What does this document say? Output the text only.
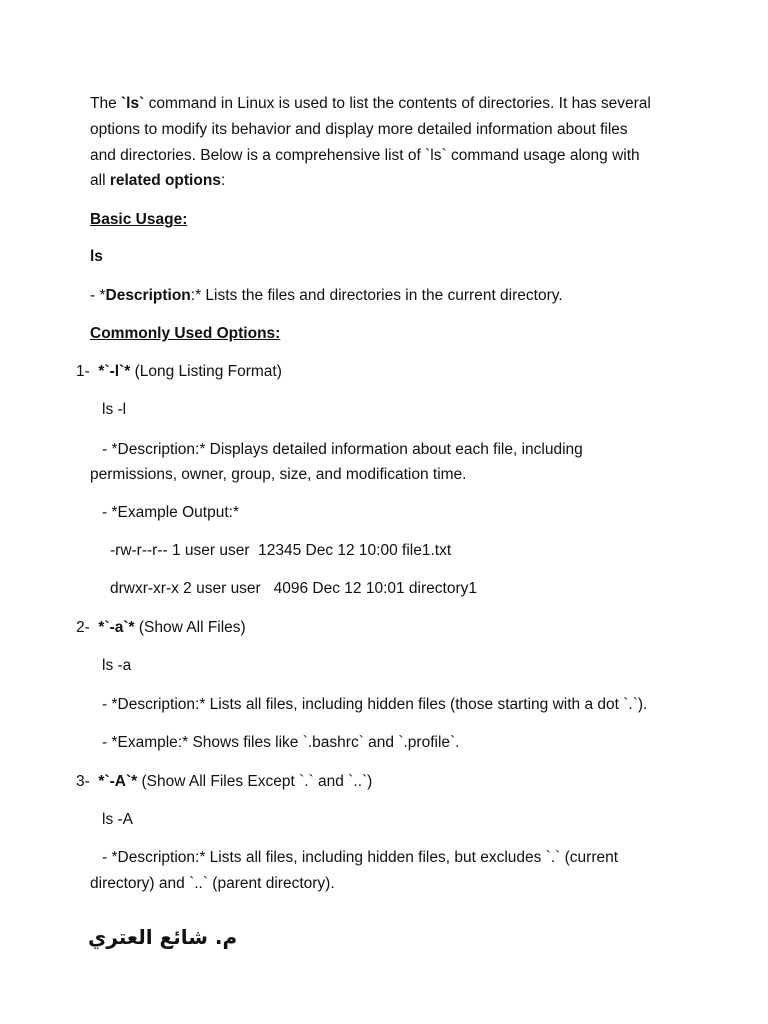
The `ls` command in Linux is used to list the contents of directories. It has several
options to modify its behavior and display more detailed information about files
and directories. Below is a comprehensive list of `ls` command usage along with
all related options:
Basic Usage:
ls
- *Description:* Lists the files and directories in the current directory.
Commonly Used Options:
1- *`-l`* (Long Listing Format)
ls -l
- *Description:* Displays detailed information about each file, including
permissions, owner, group, size, and modification time.
- *Example Output:*
-rw-r--r-- 1 user user  12345 Dec 12 10:00 file1.txt
drwxr-xr-x 2 user user   4096 Dec 12 10:01 directory1
2- *`-a`* (Show All Files)
ls -a
- *Description:* Lists all files, including hidden files (those starting with a dot `.`).
- *Example:* Shows files like `.bashrc` and `.profile`.
3- *`-A`* (Show All Files Except `.` and `..`)
ls -A
- *Description:* Lists all files, including hidden files, but excludes `.` (current
directory) and `..` (parent directory).
م. شائع العتري
